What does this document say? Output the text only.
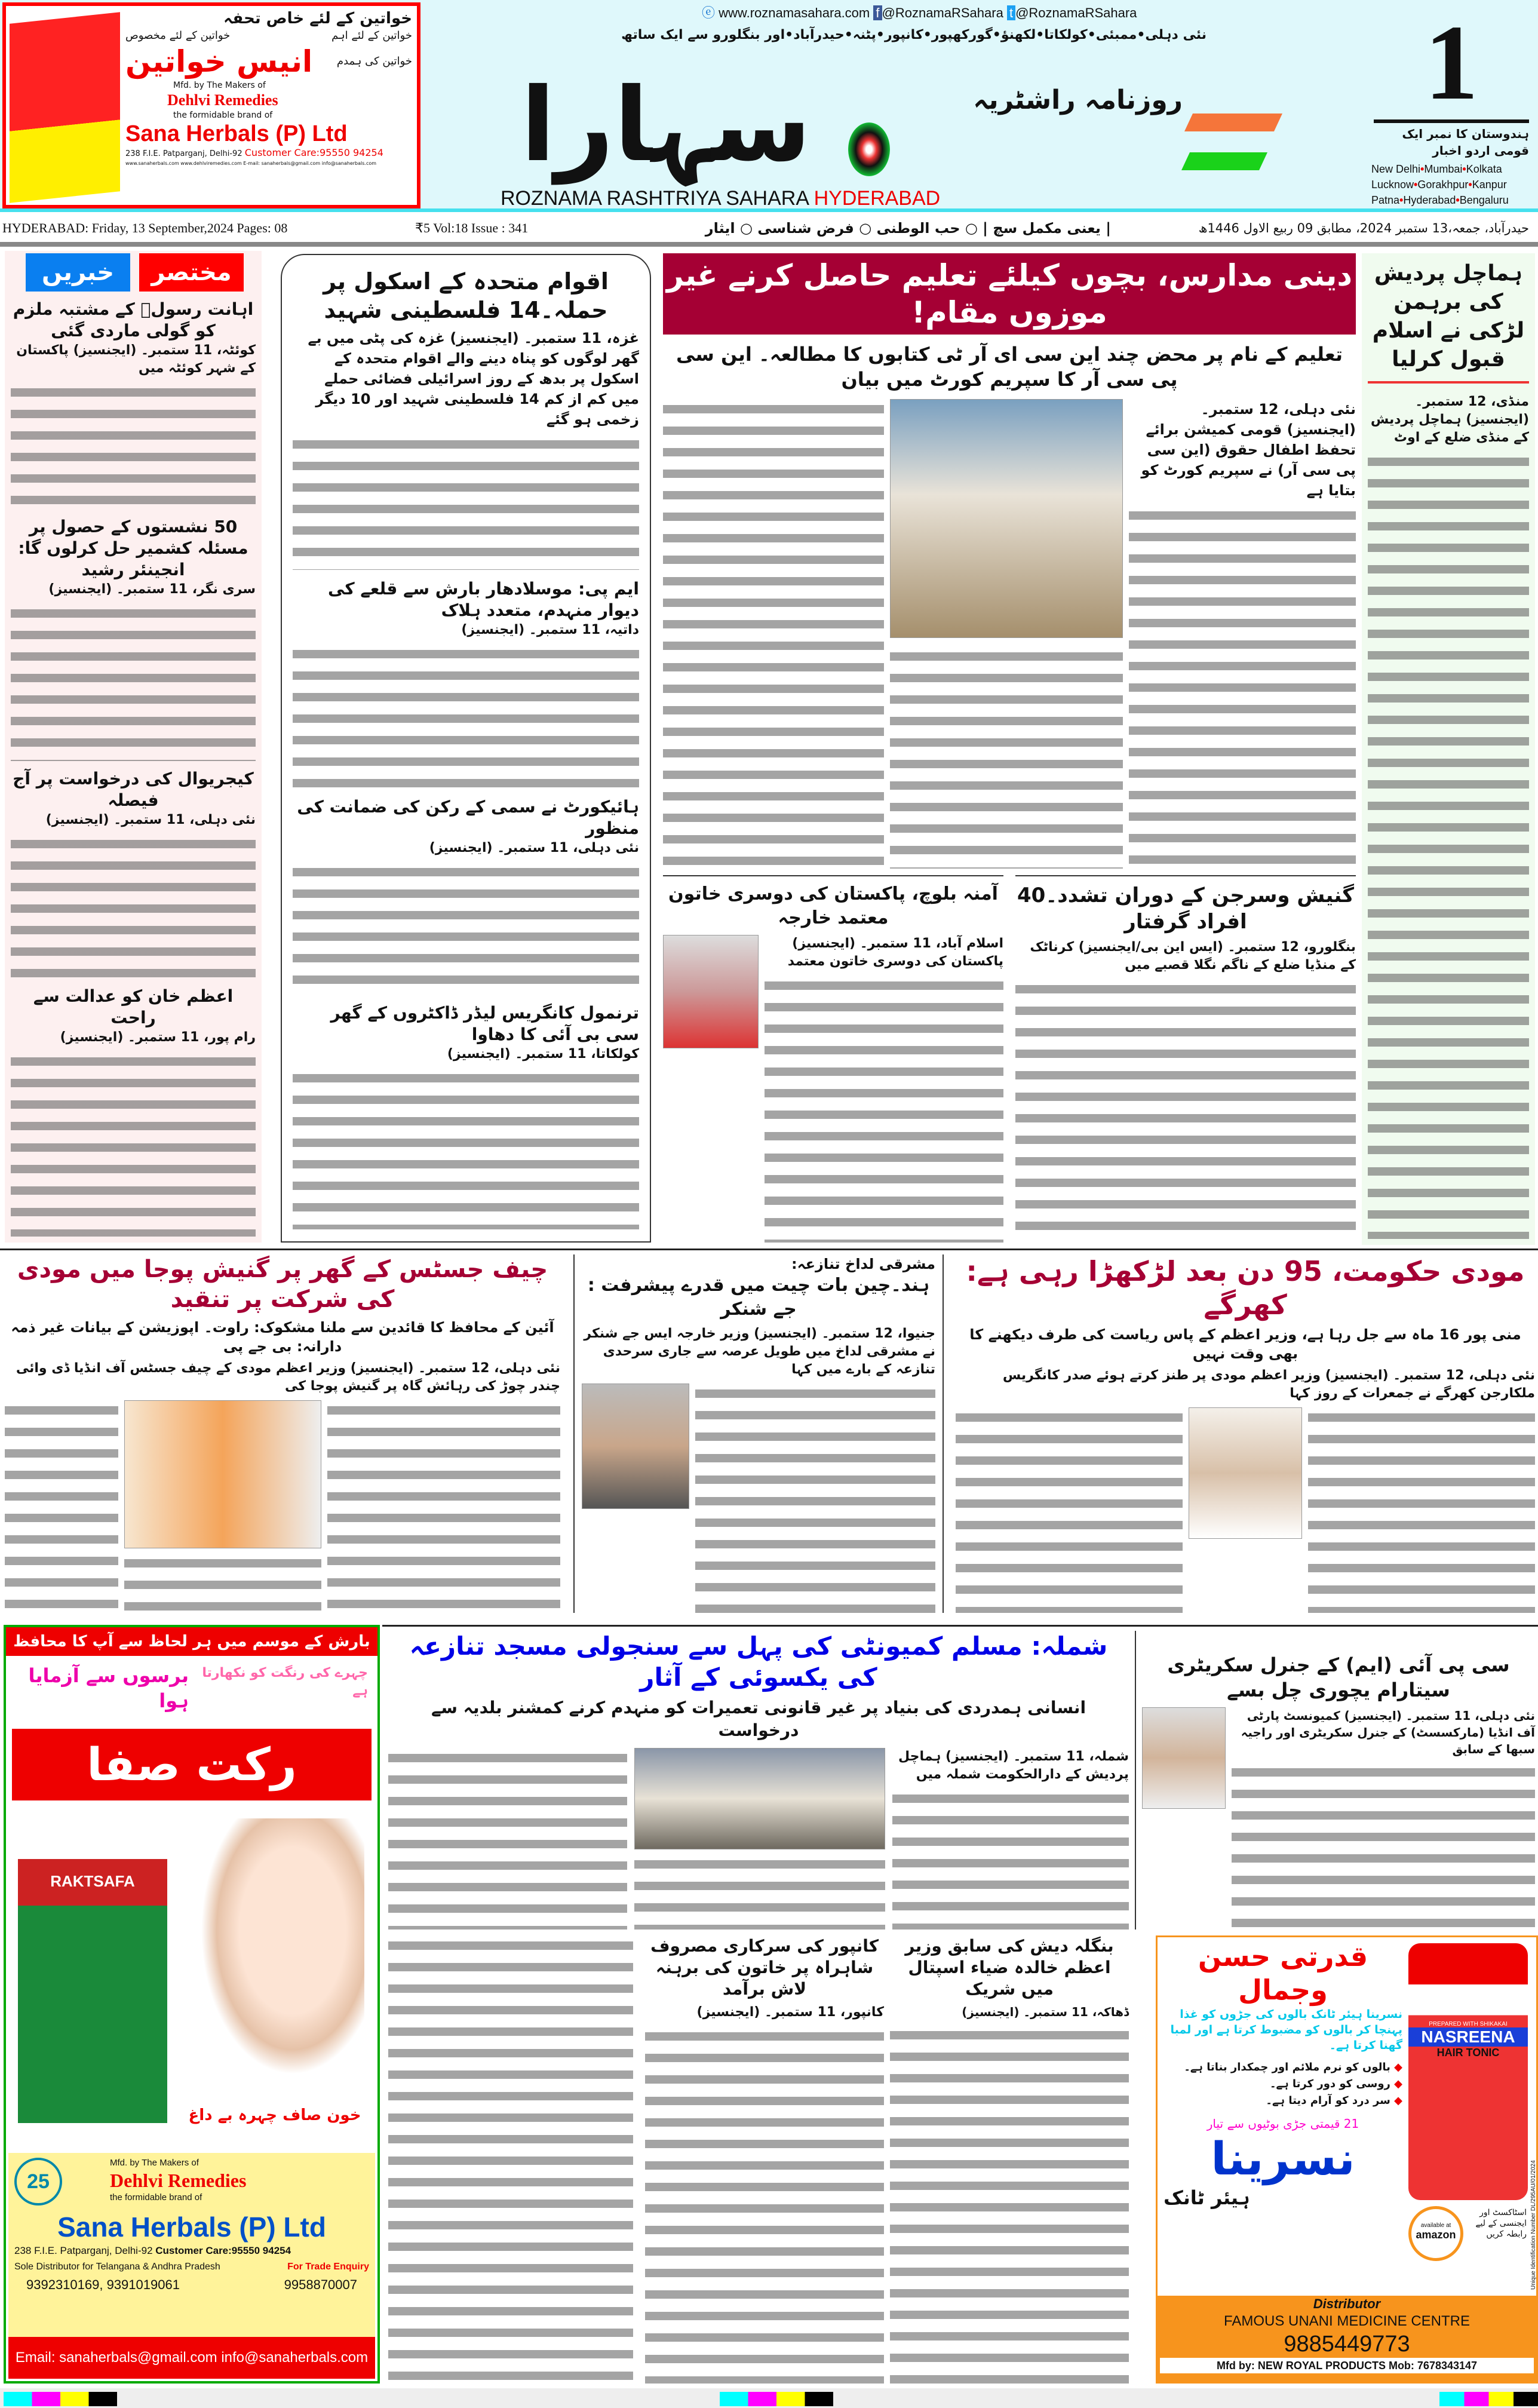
خواتین کے لئے خاص تحفہ
خواتین کے لئے اہم
خواتین کے لئے مخصوص
خواتین کی ہمدم
انیس خواتین
Mfd. by The Makers of
Dehlvi Remedies
the formidable brand of
Sana Herbals (P) Ltd
238 F.I.E. Patparganj, Delhi-92 Customer Care:95550 94254
www.sanaherbals.com www.dehlviremedies.com E-mail: sanaherbals@gmail.com info@sanaherbals.com
ⓔ www.roznamasahara.com f @RoznamaRSahara t @RoznamaRSahara
نئی دہلی•ممبئی•کولکاتا•لکھنؤ•گورکھپور•کانپور•پٹنہ•حیدرآباد•اور بنگلورو سے ایک ساتھ
سہارا	روزنامہ راشٹریہ
ROZNAMA RASHTRIYA SAHARA HYDERABAD
1
ہندوستان کا نمبر ایک قومی اردو اخبار
New Delhi•Mumbai•Kolkata
Lucknow•Gorakhpur•Kanpur
Patna•Hyderabad•Bengaluru
HYDERABAD: Friday, 13 September,2024 Pages: 08	₹5 Vol:18 Issue : 341	| یعنی مکمل سچ | ○ حب الوطنی ○ فرض شناسی ○ ایثار	حیدرآباد، جمعہ،13 ستمبر 2024، مطابق 09 ربیع الاول 1446ھ
مختصر
خبریں
اہانت رسولؐ کے مشتبہ ملزم کو گولی ماردی گئی
کوئٹہ، 11 ستمبر۔ (ایجنسیز) پاکستان کے شہر کوئٹہ میں
50 نشستوں کے حصول پر مسئلہ کشمیر حل کرلوں گا: انجینئر رشید
سری نگر، 11 ستمبر۔ (ایجنسیز)
کیجریوال کی درخواست پر آج فیصلہ
نئی دہلی، 11 ستمبر۔ (ایجنسیز)
اعظم خان کو عدالت سے راحت
رام پور، 11 ستمبر۔ (ایجنسیز)
اقوام متحدہ کے اسکول پر حملہ۔14 فلسطینی شہید
غزہ، 11 ستمبر۔ (ایجنسیز) غزہ کی پٹی میں بے گھر لوگوں کو پناہ دینے والے اقوام متحدہ کے اسکول پر بدھ کے روز اسرائیلی فضائی حملے میں کم از کم 14 فلسطینی شہید اور 10 دیگر زخمی ہو گئے
ایم پی: موسلادھار بارش سے قلعے کی دیوار منہدم، متعدد ہلاک
داتیہ، 11 ستمبر۔ (ایجنسیز)
ہائیکورٹ نے سمی کے رکن کی ضمانت کی منظور
نئی دہلی، 11 ستمبر۔ (ایجنسیز)
ترنمول کانگریس لیڈر ڈاکٹروں کے گھر سی بی آئی کا دھاوا
کولکاتا، 11 ستمبر۔ (ایجنسیز)
دینی مدارس، بچوں کیلئے تعلیم حاصل کرنے غیر موزوں مقام!
تعلیم کے نام پر محض چند این سی ای آر ٹی کتابوں کا مطالعہ۔ این سی پی سی آر کا سپریم کورٹ میں بیان
نئی دہلی، 12 ستمبر۔ (ایجنسیز) قومی کمیشن برائے تحفظ اطفال حقوق (این سی پی سی آر) نے سپریم کورٹ کو بتایا ہے
آمنہ بلوچ، پاکستان کی دوسری خاتون معتمد خارجہ
اسلام آباد، 11 ستمبر۔ (ایجنسیز) پاکستان کی دوسری خاتون معتمد
گنیش وسرجن کے دوران تشدد۔40 افراد گرفتار
بنگلورو، 12 ستمبر۔ (ایس این بی/ایجنسیز) کرناٹک کے منڈیا ضلع کے ناگم نگلا قصبے میں
ہماچل پردیش کی برہمن لڑکی نے اسلام قبول کرلیا
منڈی، 12 ستمبر۔ (ایجنسیز) ہماچل پردیش کے منڈی ضلع کے اوٹ
چیف جسٹس کے گھر پر گنیش پوجا میں مودی کی شرکت پر تنقید
آئین کے محافظ کا قائدین سے ملنا مشکوک: راوت۔ اپوزیشن کے بیانات غیر ذمہ دارانہ: بی جے پی
نئی دہلی، 12 ستمبر۔ (ایجنسیز) وزیر اعظم مودی کے چیف جسٹس آف انڈیا ڈی وائی چندر چوڑ کی رہائش گاہ پر گنیش پوجا کی
مشرقی لداخ تنازعہ:
ہند۔چین بات چیت میں قدرے پیشرفت : جے شنکر
جنیوا، 12 ستمبر۔ (ایجنسیز) وزیر خارجہ ایس جے شنکر نے مشرقی لداخ میں طویل عرصہ سے جاری سرحدی تنازعہ کے بارے میں کہا
مودی حکومت، 95 دن بعد لڑکھڑا رہی ہے: کھرگے
منی پور 16 ماہ سے جل رہا ہے، وزیر اعظم کے پاس ریاست کی طرف دیکھنے کا بھی وقت نہیں
نئی دہلی، 12 ستمبر۔ (ایجنسیز) وزیر اعظم مودی پر طنز کرتے ہوئے صدر کانگریس ملکارجن کھرگے نے جمعرات کے روز کہا
بارش کے موسم میں ہر لحاظ سے آپ کا محافظ
چہرے کی رنگت کو نکھارتا ہے
برسوں سے آزمایا ہوا
رکت صفا
RAKTSAFA
خون صاف چہرہ بے داغ
25
Mfd. by The Makers of
Dehlvi Remedies
the formidable brand of
Sana Herbals (P) Ltd
238 F.I.E. Patparganj, Delhi-92 Customer Care:95550 94254
Sole Distributor for Telangana & Andhra Pradesh	For Trade Enquiry
9392310169, 9391019061	9958870007
Email: sanaherbals@gmail.com info@sanaherbals.com
شملہ: مسلم کمیونٹی کی پہل سے سنجولی مسجد تنازعہ کی یکسوئی کے آثار
انسانی ہمدردی کی بنیاد پر غیر قانونی تعمیرات کو منہدم کرنے کمشنر بلدیہ سے درخواست
شملہ، 11 ستمبر۔ (ایجنسیز) ہماچل پردیش کے دارالحکومت شملہ میں
کانپور کی سرکاری مصروف شاہراہ پر خاتون کی برہنہ لاش برآمد
کانپور، 11 ستمبر۔ (ایجنسیز)
سی پی آئی (ایم) کے جنرل سکریٹری سیتارام یچوری چل بسے
نئی دہلی، 11 ستمبر۔ (ایجنسیز) کمیونسٹ پارٹی آف انڈیا (مارکسسٹ) کے جنرل سکریٹری اور راجیہ سبھا کے سابق
بنگلہ دیش کی سابق وزیر اعظم خالدہ ضیاء اسپتال میں شریک
ڈھاکہ، 11 ستمبر۔ (ایجنسیز)
قدرتی حسن وجمال
نسرینا ہیئر ٹانک بالوں کی جڑوں کو غذا پہنچا کر بالوں کو مضبوط کرتا ہے اور لمبا گھنا کرتا ہے۔
◆ بالوں کو نرم ملائم اور چمکدار بناتا ہے۔
◆ روسی کو دور کرتا ہے۔
◆ سر درد کو آرام دیتا ہے۔
21 قیمتی جڑی بوٹیوں سے تیار
نسرینا
ہیئر ٹانک
PREPARED WITH SHIKAKAI
NASREENA
HAIR TONIC
available at
amazon
اسٹاکسٹ اور ایجنسی کے لیے رابطہ کریں Unique Identification Number DL/295AU/01/2024
Distributor
FAMOUS UNANI MEDICINE CENTRE
9885449773
Mfd by: NEW ROYAL PRODUCTS Mob: 7678343147
